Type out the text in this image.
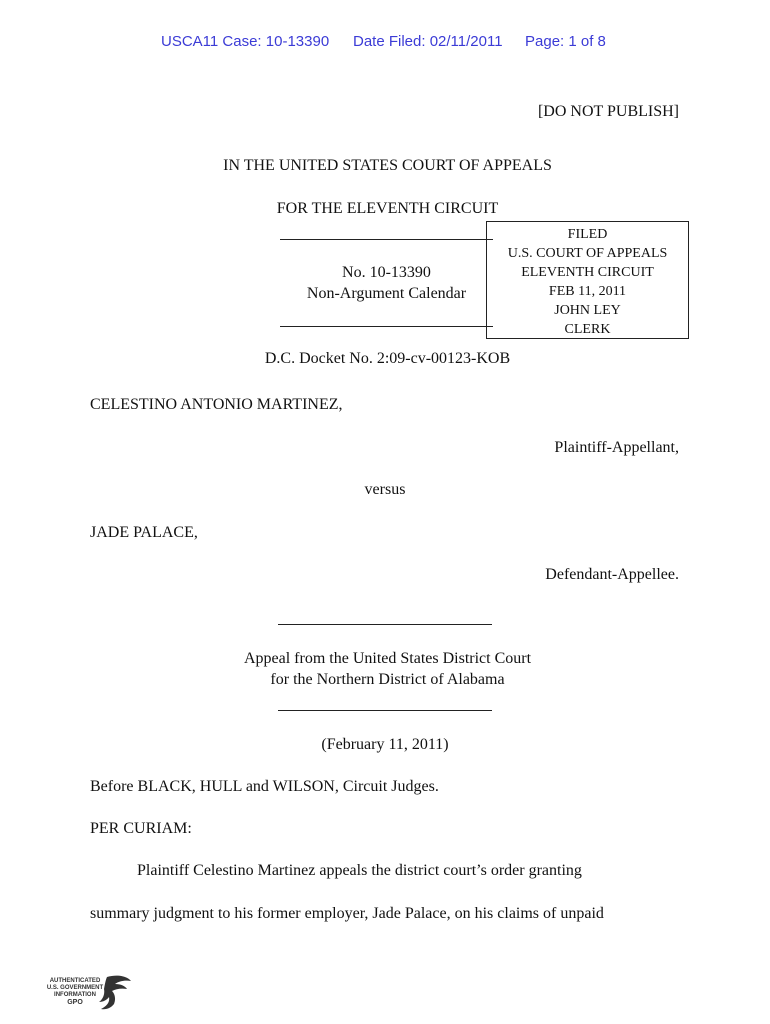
USCA11 Case: 10-13390 Date Filed: 02/11/2011 Page: 1 of 8
[DO NOT PUBLISH]
IN THE UNITED STATES COURT OF APPEALS
FOR THE ELEVENTH CIRCUIT
No. 10-13390
Non-Argument Calendar
FILED
U.S. COURT OF APPEALS
ELEVENTH CIRCUIT
FEB 11, 2011
JOHN LEY
CLERK
D.C. Docket No. 2:09-cv-00123-KOB
CELESTINO ANTONIO MARTINEZ,
Plaintiff-Appellant,
versus
JADE PALACE,
Defendant-Appellee.
Appeal from the United States District Court
for the Northern District of Alabama
(February 11, 2011)
Before BLACK, HULL and WILSON, Circuit Judges.
PER CURIAM:
Plaintiff Celestino Martinez appeals the district court’s order granting
summary judgment to his former employer, Jade Palace, on his claims of unpaid
AUTHENTICATED
U.S. GOVERNMENT
INFORMATION
GPO
